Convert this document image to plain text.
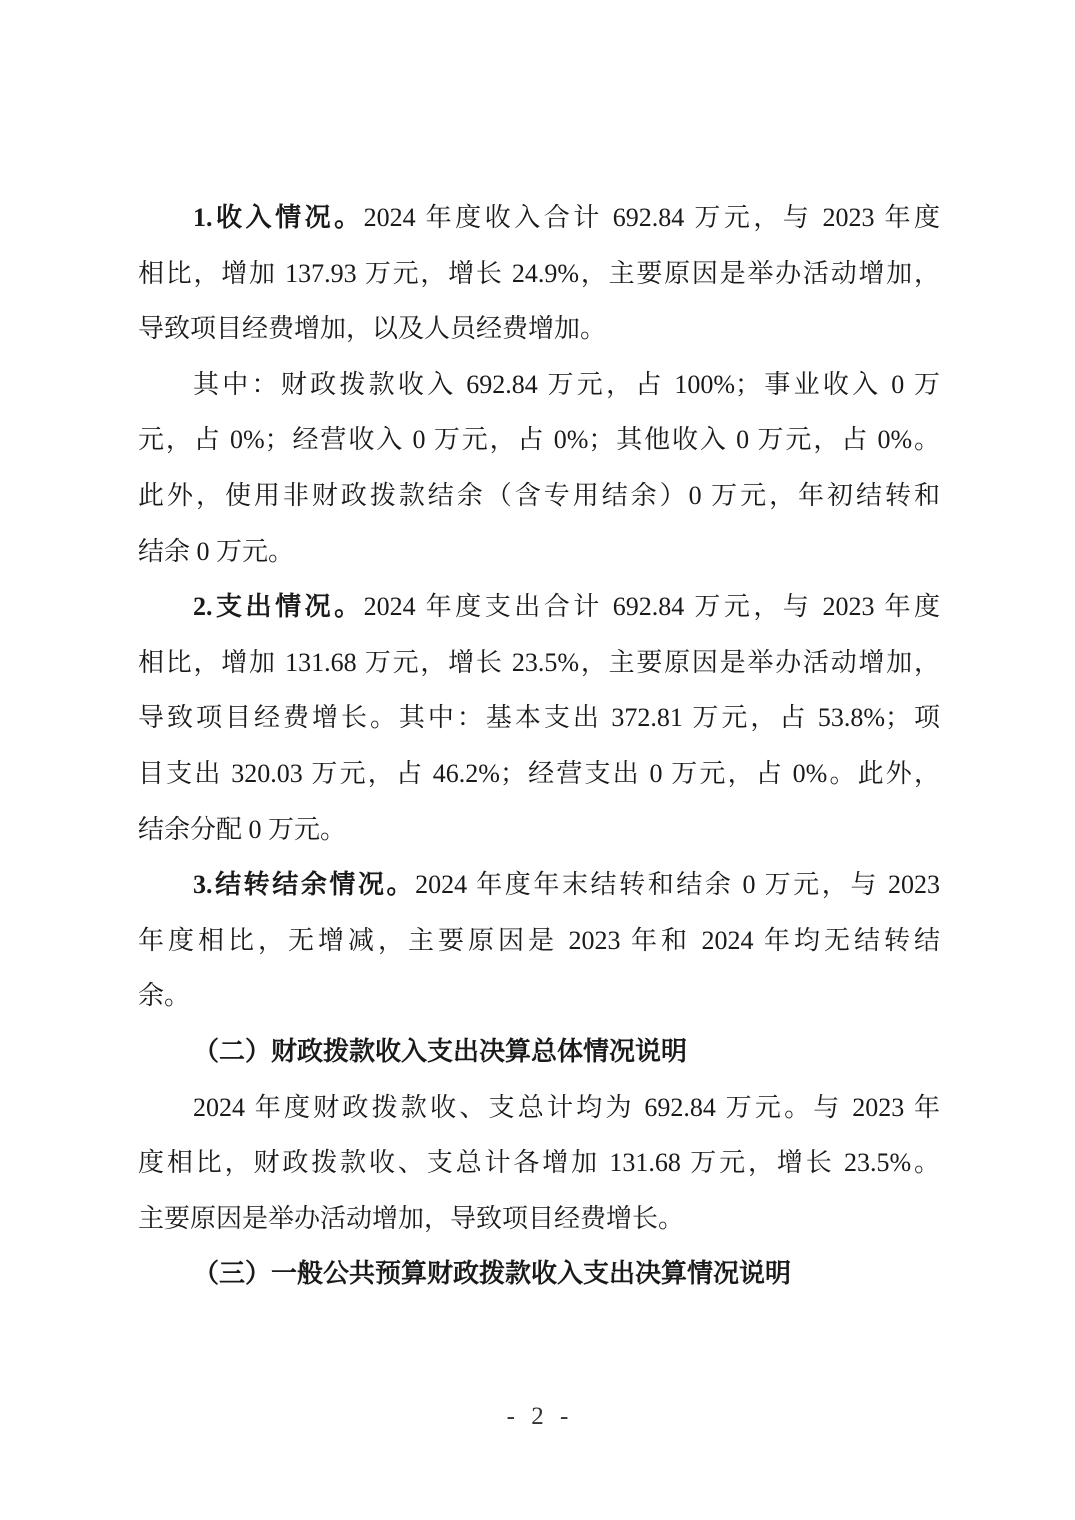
1.收入情况。2024 年度收入合计 692.84 万元，与 2023 年度
相比，增加 137.93 万元，增长 24.9%，主要原因是举办活动增加，
导致项目经费增加，以及人员经费增加。
其中：财政拨款收入 692.84 万元，占 100%；事业收入 0 万
元，占 0%；经营收入 0 万元，占 0%；其他收入 0 万元，占 0%。
此外，使用非财政拨款结余（含专用结余）0 万元，年初结转和
结余 0 万元。
2.支出情况。2024 年度支出合计 692.84 万元，与 2023 年度
相比，增加 131.68 万元，增长 23.5%，主要原因是举办活动增加，
导致项目经费增长。其中：基本支出 372.81 万元，占 53.8%；项
目支出 320.03 万元，占 46.2%；经营支出 0 万元，占 0%。此外，
结余分配 0 万元。
3.结转结余情况。2024 年度年末结转和结余 0 万元，与 2023
年度相比，无增减，主要原因是 2023 年和 2024 年均无结转结
余。
（二）财政拨款收入支出决算总体情况说明
2024 年度财政拨款收、支总计均为 692.84 万元。与 2023 年
度相比，财政拨款收、支总计各增加 131.68 万元，增长 23.5%。
主要原因是举办活动增加，导致项目经费增长。
（三）一般公共预算财政拨款收入支出决算情况说明
- 2 -
